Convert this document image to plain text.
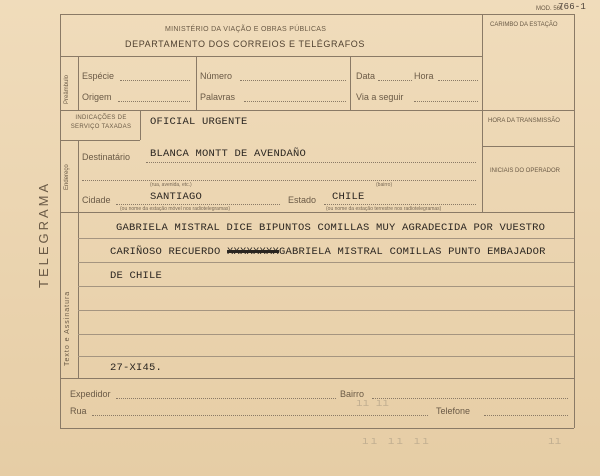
TELEGRAMA
MOD. 561
766-1
MINISTÉRIO DA VIAÇÃO E OBRAS PÚBLICAS
DEPARTAMENTO DOS CORREIOS E TELÉGRAFOS
CARIMBO DA ESTAÇÃO
Preâmbulo Espécie	Número	Data	Hora
Origem	Palavras	Via a seguir
Endereço
INDICAÇÕES DE SERVIÇO TAXADAS	OFICIAL URGENTE
Destinatário BLANCA MONTT DE AVENDAÑO
(rua, avenida, etc.)	(bairro)
Cidade	SANTIAGO	Estado CHILE
(ou nome da estação móvel nos radiotelegramas)	(ou nome da estação terrestre nos radiotelegramas)
HORA DA TRANSMISSÃO
INICIAIS DO OPERADOR
Texto e Assinatura
GABRIELA MISTRAL DICE BIPUNTOS COMILLAS MUY AGRADECIDA POR VUESTRO
CARIÑOSO RECUERDO XXXXXXXXGABRIELA MISTRAL COMILLAS PUNTO EMBAJADOR
DE CHILE
27-XI45.
Expedidor	Bairro
Rua	Telefone
ıı ıı
ıı ıı ıı	ıı
